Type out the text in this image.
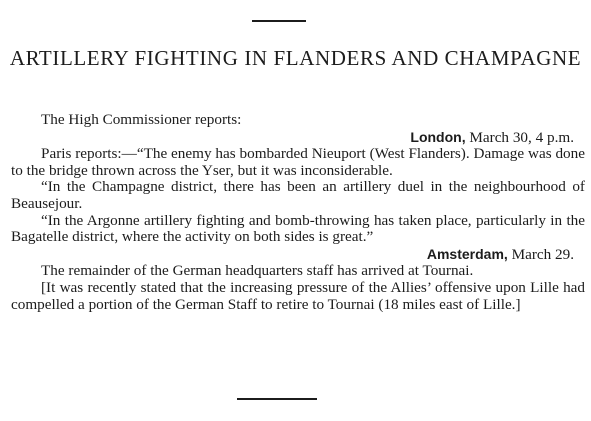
ARTILLERY FIGHTING IN FLANDERS AND CHAMPAGNE

The High Commissioner reports:

London, March 30, 4 p.m.

Paris reports:—“The enemy has bombarded Nieuport (West Flanders). Damage was done to the bridge thrown across the Yser, but it was inconsiderable.

“In the Champagne district, there has been an artillery duel in the neighbourhood of Beausejour.

“In the Argonne artillery fighting and bomb-throwing has taken place, particularly in the Bagatelle district, where the activity on both sides is great.”

Amsterdam, March 29.

The remainder of the German headquarters staff has arrived at Tournai.

[It was recently stated that the increasing pressure of the Allies’ offensive upon Lille had compelled a portion of the German Staff to retire to Tournai (18 miles east of Lille.]
